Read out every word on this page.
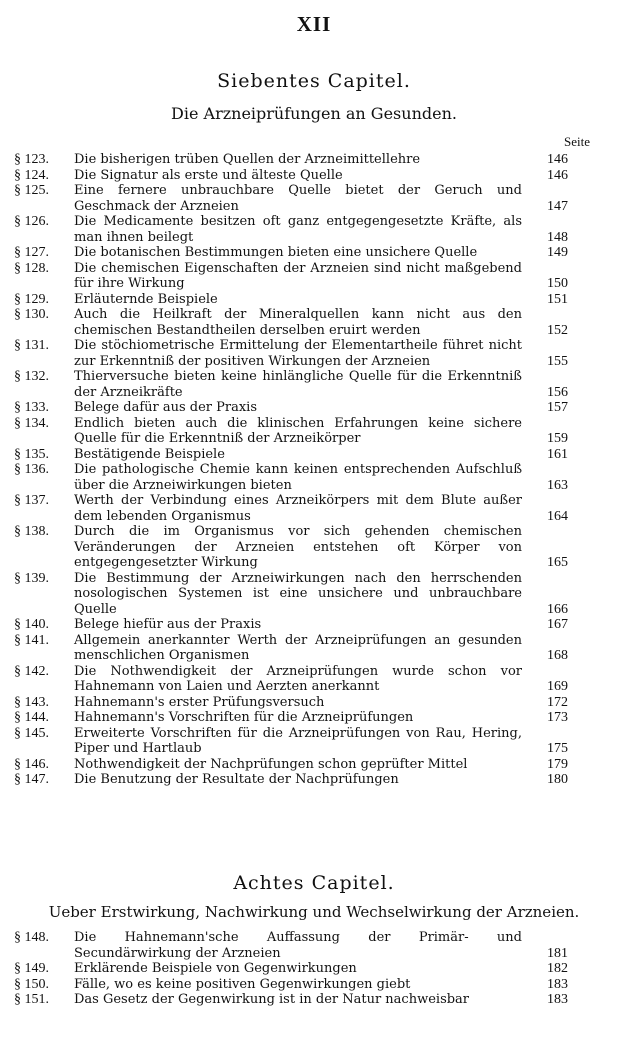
XII
Siebentes Capitel.
Die Arzneiprüfungen an Gesunden.
Seite
§ 123.	Die bisherigen trüben Quellen der Arzneimittellehre	146
§ 124.	Die Signatur als erste und älteste Quelle	146
§ 125.	Eine fernere unbrauchbare Quelle bietet der Geruch und Geschmack der Arzneien	147
§ 126.	Die Medicamente besitzen oft ganz entgegengesetzte Kräfte, als man ihnen beilegt	148
§ 127.	Die botanischen Bestimmungen bieten eine unsichere Quelle	149
§ 128.	Die chemischen Eigenschaften der Arzneien sind nicht maßgebend für ihre Wirkung	150
§ 129.	Erläuternde Beispiele	151
§ 130.	Auch die Heilkraft der Mineralquellen kann nicht aus den chemischen Bestandtheilen derselben eruirt werden	152
§ 131.	Die stöchiometrische Ermittelung der Elementartheile führet nicht zur Erkenntniß der positiven Wirkungen der Arzneien	155
§ 132.	Thierversuche bieten keine hinlängliche Quelle für die Erkenntniß der Arzneikräfte	156
§ 133.	Belege dafür aus der Praxis	157
§ 134.	Endlich bieten auch die klinischen Erfahrungen keine sichere Quelle für die Erkenntniß der Arzneikörper	159
§ 135.	Bestätigende Beispiele	161
§ 136.	Die pathologische Chemie kann keinen entsprechenden Aufschluß über die Arzneiwirkungen bieten	163
§ 137.	Werth der Verbindung eines Arzneikörpers mit dem Blute außer dem lebenden Organismus	164
§ 138.	Durch die im Organismus vor sich gehenden chemischen Veränderungen der Arzneien entstehen oft Körper von entgegengesetzter Wirkung	165
§ 139.	Die Bestimmung der Arzneiwirkungen nach den herrschenden nosologischen Systemen ist eine unsichere und unbrauchbare Quelle	166
§ 140.	Belege hiefür aus der Praxis	167
§ 141.	Allgemein anerkannter Werth der Arzneiprüfungen an gesunden menschlichen Organismen	168
§ 142.	Die Nothwendigkeit der Arzneiprüfungen wurde schon vor Hahnemann von Laien und Aerzten anerkannt	169
§ 143.	Hahnemann's erster Prüfungsversuch	172
§ 144.	Hahnemann's Vorschriften für die Arzneiprüfungen	173
§ 145.	Erweiterte Vorschriften für die Arzneiprüfungen von Rau, Hering, Piper und Hartlaub	175
§ 146.	Nothwendigkeit der Nachprüfungen schon geprüfter Mittel	179
§ 147.	Die Benutzung der Resultate der Nachprüfungen	180
Achtes Capitel.
Ueber Erstwirkung, Nachwirkung und Wechselwirkung der Arzneien.
§ 148.	Die Hahnemann'sche Auffassung der Primär- und Secundärwirkung der Arzneien	181
§ 149.	Erklärende Beispiele von Gegenwirkungen	182
§ 150.	Fälle, wo es keine positiven Gegenwirkungen giebt	183
§ 151.	Das Gesetz der Gegenwirkung ist in der Natur nachweisbar	183
